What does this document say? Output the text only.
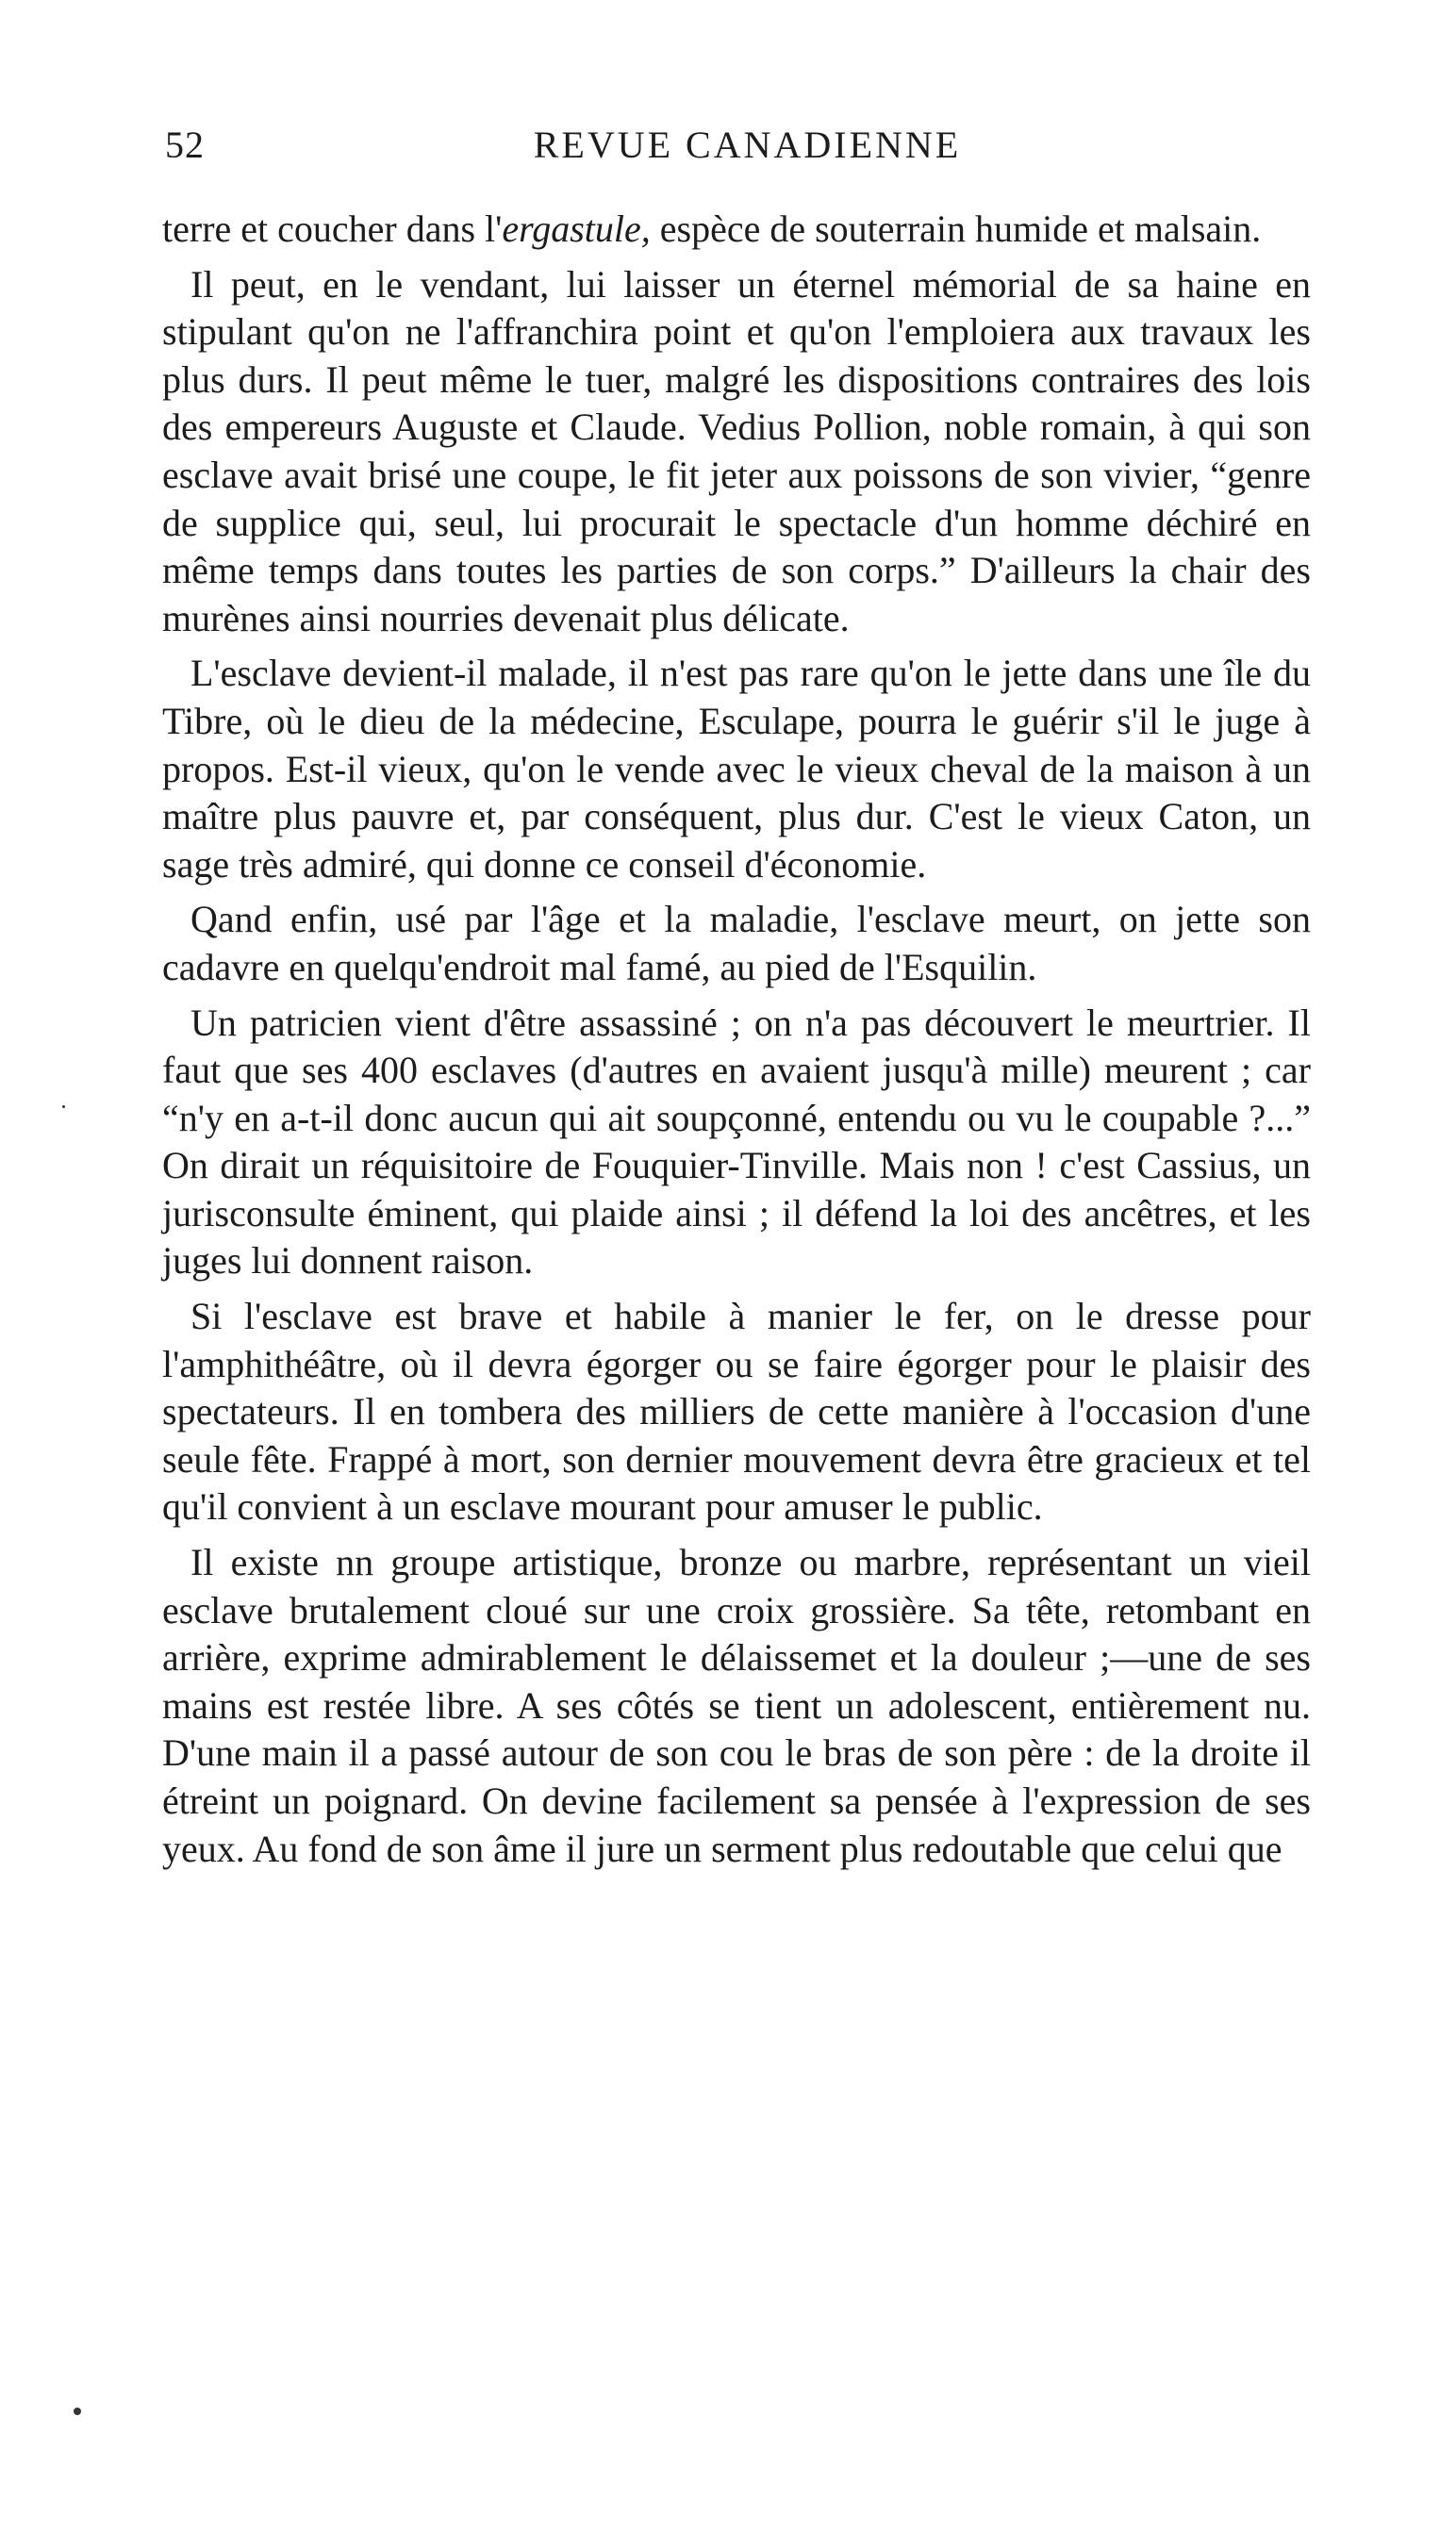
52	REVUE CANADIENNE

terre et coucher dans l'ergastule, espèce de souterrain humide et malsain.

Il peut, en le vendant, lui laisser un éternel mémorial de sa haine en stipulant qu'on ne l'affranchira point et qu'on l'emploiera aux travaux les plus durs. Il peut même le tuer, malgré les dispositions contraires des lois des empereurs Auguste et Claude. Vedius Pollion, noble romain, à qui son esclave avait brisé une coupe, le fit jeter aux poissons de son vivier, “genre de supplice qui, seul, lui procurait le spectacle d'un homme déchiré en même temps dans toutes les parties de son corps.” D'ailleurs la chair des murènes ainsi nourries devenait plus délicate.

L'esclave devient-il malade, il n'est pas rare qu'on le jette dans une île du Tibre, où le dieu de la médecine, Esculape, pourra le guérir s'il le juge à propos. Est-il vieux, qu'on le vende avec le vieux cheval de la maison à un maître plus pauvre et, par conséquent, plus dur. C'est le vieux Caton, un sage très admiré, qui donne ce conseil d'économie.

Qand enfin, usé par l'âge et la maladie, l'esclave meurt, on jette son cadavre en quelqu'endroit mal famé, au pied de l'Esquilin.

Un patricien vient d'être assassiné ; on n'a pas découvert le meurtrier. Il faut que ses 400 esclaves (d'autres en avaient jusqu'à mille) meurent ; car “n'y en a-t-il donc aucun qui ait soupçonné, entendu ou vu le coupable ?...” On dirait un réquisitoire de Fouquier-Tinville. Mais non ! c'est Cassius, un jurisconsulte éminent, qui plaide ainsi ; il défend la loi des ancêtres, et les juges lui donnent raison.

Si l'esclave est brave et habile à manier le fer, on le dresse pour l'amphithéâtre, où il devra égorger ou se faire égorger pour le plaisir des spectateurs. Il en tombera des milliers de cette manière à l'occasion d'une seule fête. Frappé à mort, son dernier mouvement devra être gracieux et tel qu'il convient à un esclave mourant pour amuser le public.

Il existe nn groupe artistique, bronze ou marbre, représentant un vieil esclave brutalement cloué sur une croix grossière. Sa tête, retombant en arrière, exprime admirablement le délaissemet et la douleur ;—une de ses mains est restée libre. A ses côtés se tient un adolescent, entièrement nu. D'une main il a passé autour de son cou le bras de son père : de la droite il étreint un poignard. On devine facilement sa pensée à l'expression de ses yeux. Au fond de son âme il jure un serment plus redoutable que celui que
